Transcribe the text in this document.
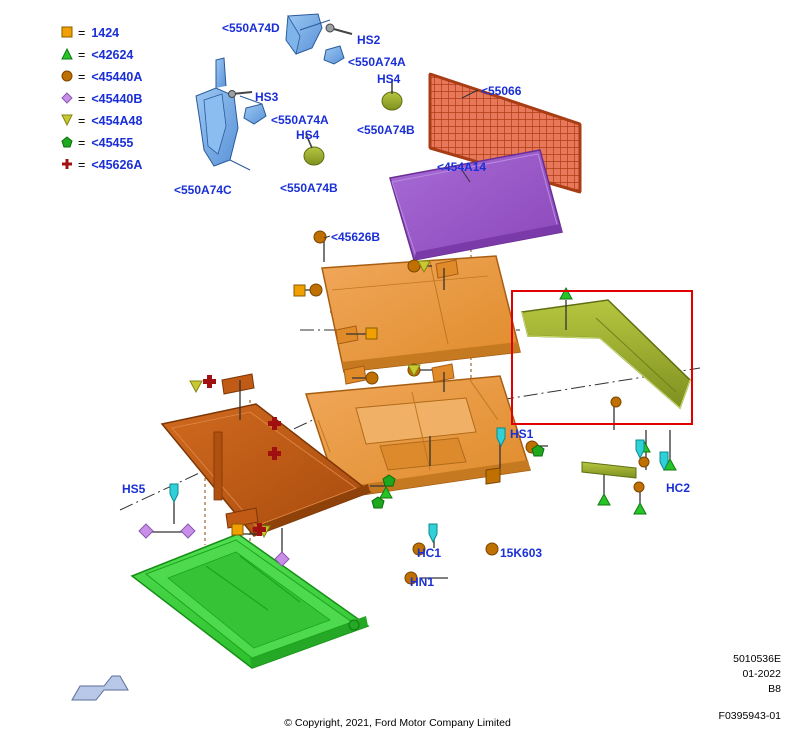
= 1424
= <42624
= <45440A
= <45440B
= <454A48
= <45455
= <45626A
<550A74D
HS2
<550A74A
HS4
<55066
HS3
<550A74A
<550A74B
HS4
<454A14
<550A74C	<550A74B
<45626B
HS1
HC2
HS5
HC1	15K603
HN1
© Copyright, 2021, Ford Motor Company Limited
5010536E
01-2022
B8
F0395943-01
